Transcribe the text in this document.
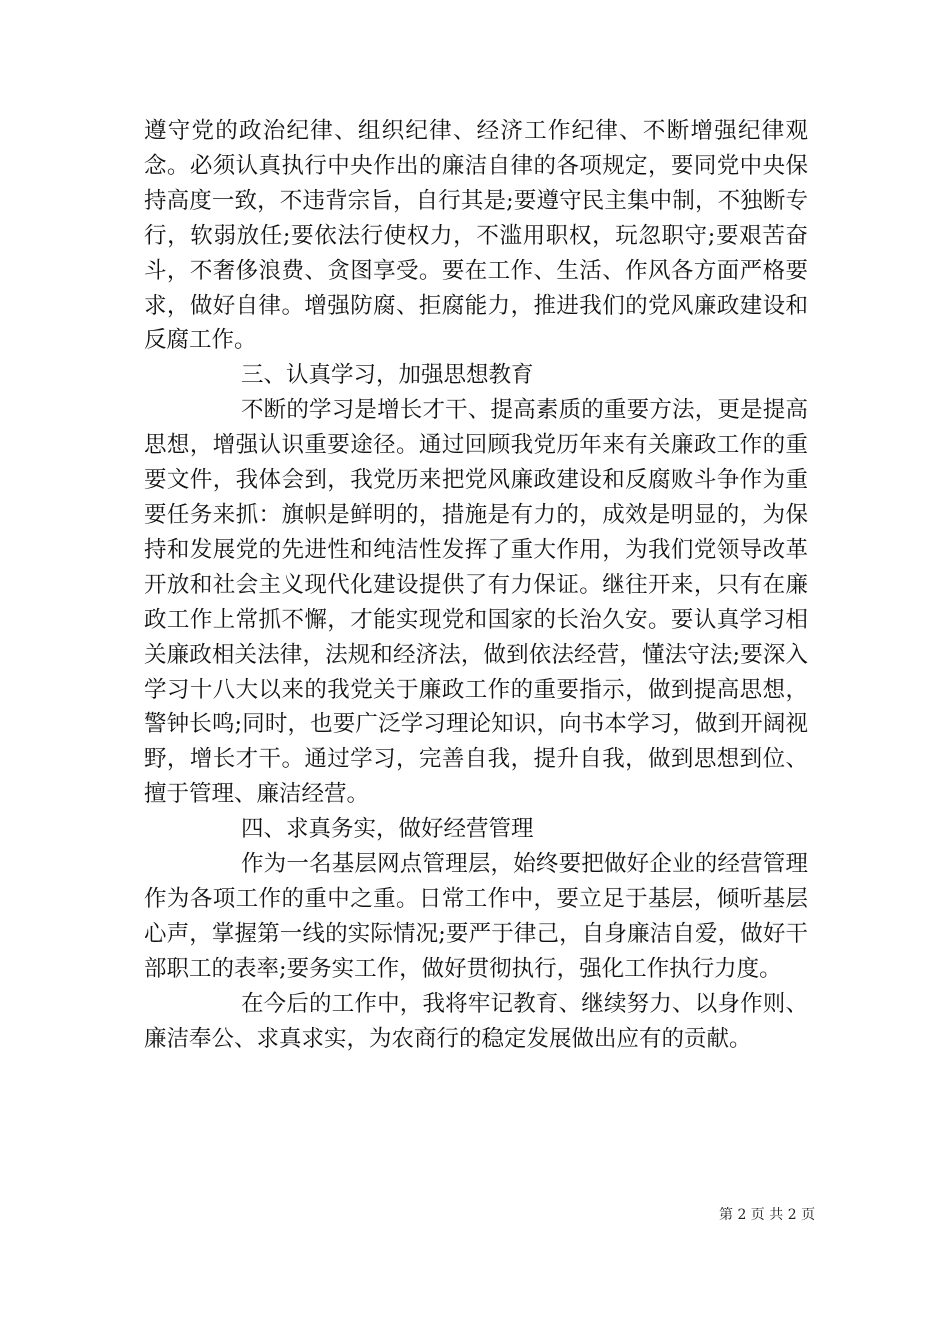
遵守党的政治纪律、组织纪律、经济工作纪律、不断增强纪律观念。必须认真执行中央作出的廉洁自律的各项规定，要同党中央保持高度一致，不违背宗旨，自行其是;要遵守民主集中制，不独断专行，软弱放任;要依法行使权力，不滥用职权，玩忽职守;要艰苦奋斗，不奢侈浪费、贪图享受。要在工作、生活、作风各方面严格要求，做好自律。增强防腐、拒腐能力，推进我们的党风廉政建设和反腐工作。

三、认真学习，加强思想教育

不断的学习是增长才干、提高素质的重要方法，更是提高思想，增强认识重要途径。通过回顾我党历年来有关廉政工作的重要文件，我体会到，我党历来把党风廉政建设和反腐败斗争作为重要任务来抓：旗帜是鲜明的，措施是有力的，成效是明显的，为保持和发展党的先进性和纯洁性发挥了重大作用，为我们党领导改革开放和社会主义现代化建设提供了有力保证。继往开来，只有在廉政工作上常抓不懈，才能实现党和国家的长治久安。要认真学习相关廉政相关法律，法规和经济法，做到依法经营，懂法守法;要深入学习十八大以来的我党关于廉政工作的重要指示，做到提高思想，警钟长鸣;同时，也要广泛学习理论知识，向书本学习，做到开阔视野，增长才干。通过学习，完善自我，提升自我，做到思想到位、擅于管理、廉洁经营。

四、求真务实，做好经营管理

作为一名基层网点管理层，始终要把做好企业的经营管理作为各项工作的重中之重。日常工作中，要立足于基层，倾听基层心声，掌握第一线的实际情况;要严于律己，自身廉洁自爱，做好干部职工的表率;要务实工作，做好贯彻执行，强化工作执行力度。

在今后的工作中，我将牢记教育、继续努力、以身作则、廉洁奉公、求真求实，为农商行的稳定发展做出应有的贡献。

第 2 页 共 2 页
